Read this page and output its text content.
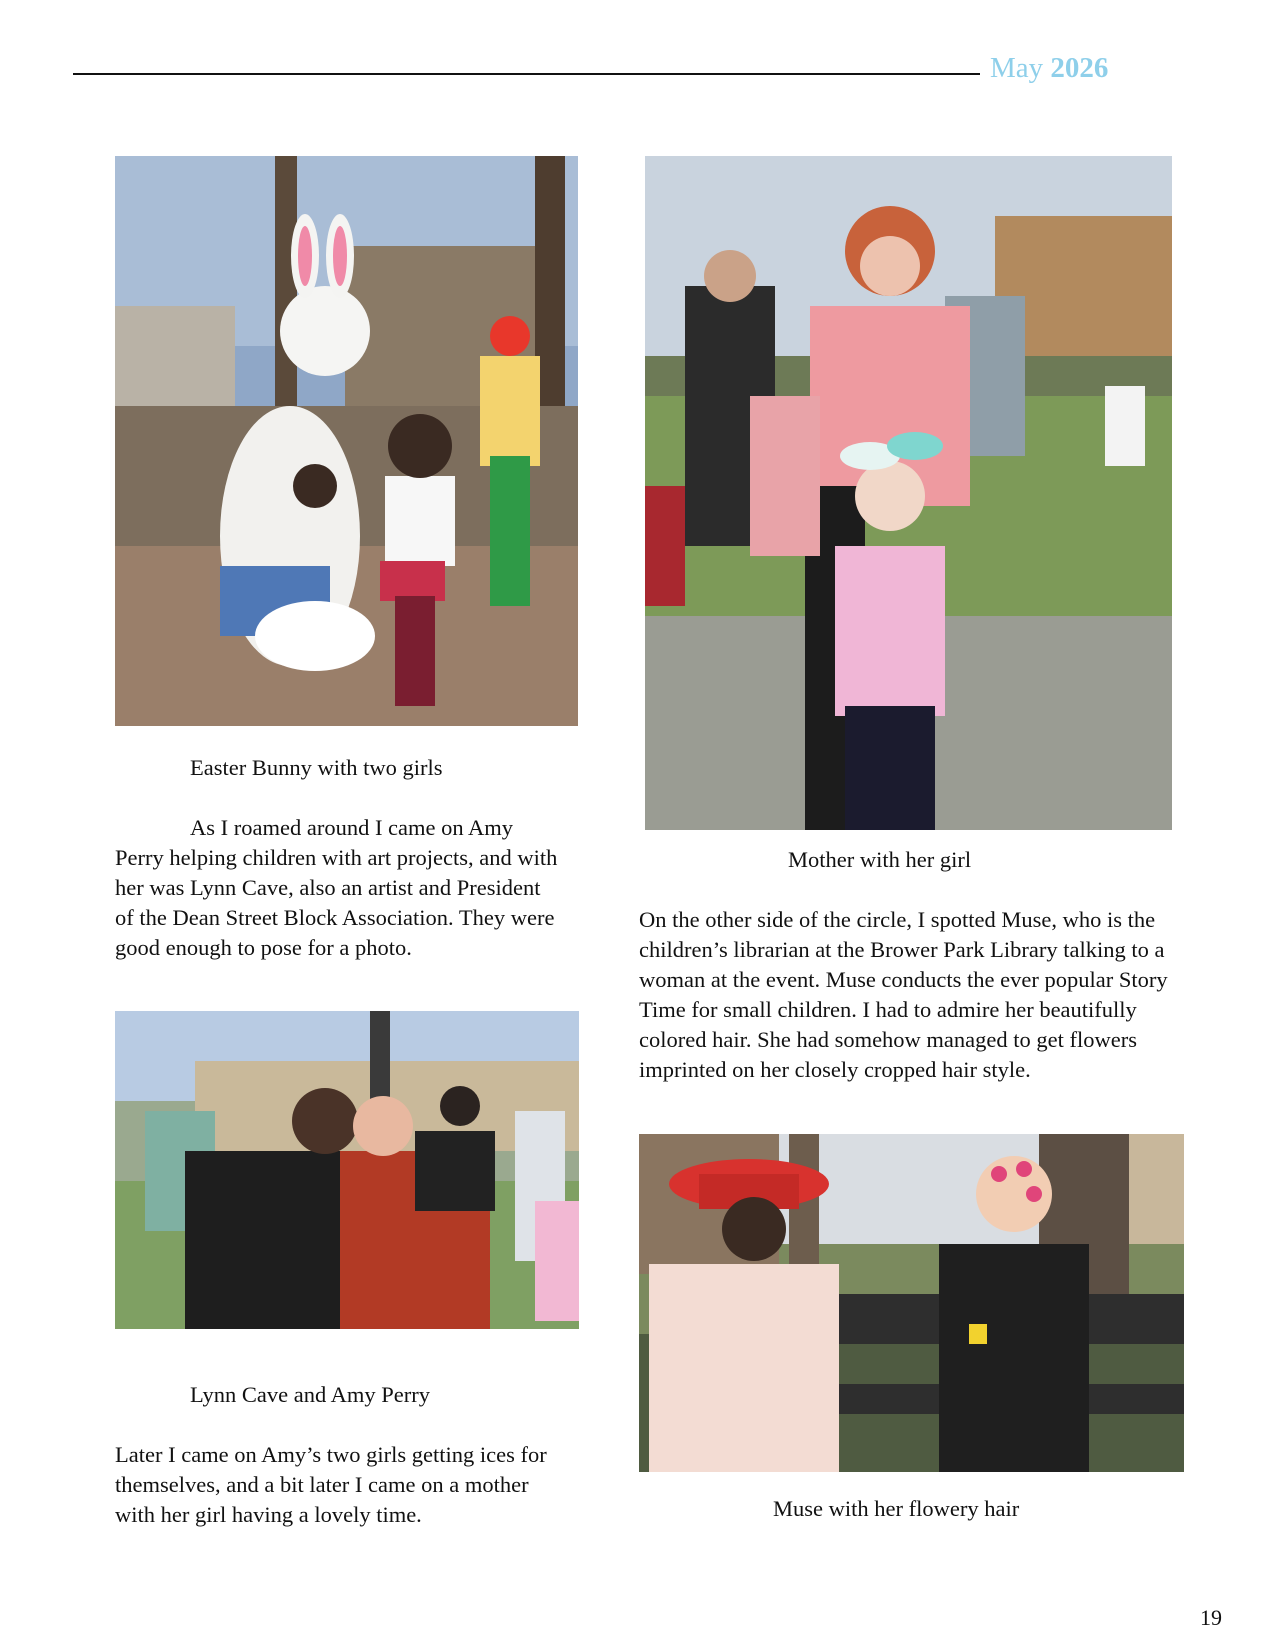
May 2026
Easter Bunny with two girls

As I roamed around I came on Amy Perry helping children with art projects, and with her was Lynn Cave, also an artist and President of the Dean Street Block Association. They were good enough to pose for a photo.

Lynn Cave and Amy Perry

Later I came on Amy’s two girls getting ices for themselves, and a bit later I came on a mother with her girl having a lovely time.

Mother with her girl

On the other side of the circle, I spotted Muse, who is the children’s librarian at the Brower Park Library talking to a woman at the event. Muse conducts the ever popular Story Time for small children. I had to admire her beautifully colored hair. She had somehow managed to get flowers imprinted on her closely cropped hair style.

Muse with her flowery hair
19
